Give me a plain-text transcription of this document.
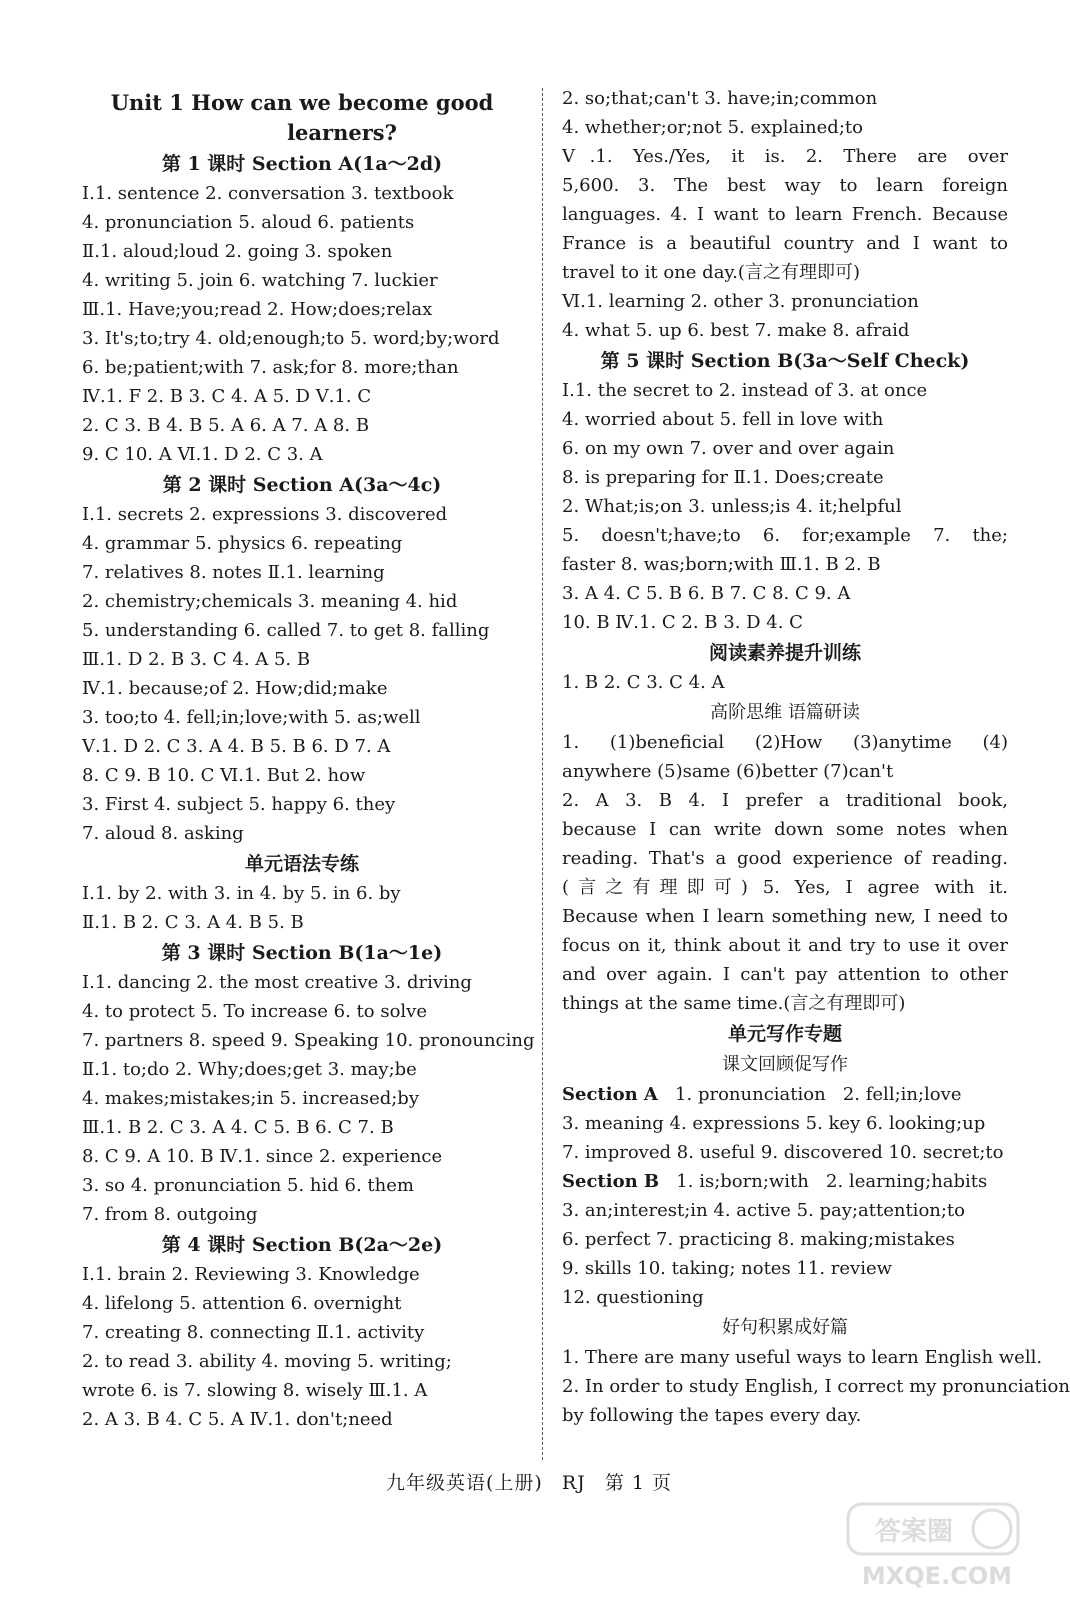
Unit 1 How can we become good
learners?
第 1 课时 Section A(1a～2d)
Ⅰ.1. sentence 2. conversation 3. textbook
4. pronunciation 5. aloud 6. patients
Ⅱ.1. aloud;loud 2. going 3. spoken
4. writing 5. join 6. watching 7. luckier
Ⅲ.1. Have;you;read 2. How;does;relax
3. It's;to;try 4. old;enough;to 5. word;by;word
6. be;patient;with 7. ask;for 8. more;than
Ⅳ.1. F 2. B 3. C 4. A 5. D Ⅴ.1. C
2. C 3. B 4. B 5. A 6. A 7. A 8. B
9. C 10. A Ⅵ.1. D 2. C 3. A
第 2 课时 Section A(3a～4c)
Ⅰ.1. secrets 2. expressions 3. discovered
4. grammar 5. physics 6. repeating
7. relatives 8. notes Ⅱ.1. learning
2. chemistry;chemicals 3. meaning 4. hid
5. understanding 6. called 7. to get 8. falling
Ⅲ.1. D 2. B 3. C 4. A 5. B
Ⅳ.1. because;of 2. How;did;make
3. too;to 4. fell;in;love;with 5. as;well
Ⅴ.1. D 2. C 3. A 4. B 5. B 6. D 7. A
8. C 9. B 10. C Ⅵ.1. But 2. how
3. First 4. subject 5. happy 6. they
7. aloud 8. asking
单元语法专练
Ⅰ.1. by 2. with 3. in 4. by 5. in 6. by
Ⅱ.1. B 2. C 3. A 4. B 5. B
第 3 课时 Section B(1a～1e)
Ⅰ.1. dancing 2. the most creative 3. driving
4. to protect 5. To increase 6. to solve
7. partners 8. speed 9. Speaking 10. pronouncing
Ⅱ.1. to;do 2. Why;does;get 3. may;be
4. makes;mistakes;in 5. increased;by
Ⅲ.1. B 2. C 3. A 4. C 5. B 6. C 7. B
8. C 9. A 10. B Ⅳ.1. since 2. experience
3. so 4. pronunciation 5. hid 6. them
7. from 8. outgoing
第 4 课时 Section B(2a～2e)
Ⅰ.1. brain 2. Reviewing 3. Knowledge
4. lifelong 5. attention 6. overnight
7. creating 8. connecting Ⅱ.1. activity
2. to read 3. ability 4. moving 5. writing;
wrote 6. is 7. slowing 8. wisely Ⅲ.1. A
2. A 3. B 4. C 5. A Ⅳ.1. don't;need
2. so;that;can't 3. have;in;common
4. whether;or;not 5. explained;to
Ⅴ.1. Yes./Yes, it is. 2. There are over
5,600. 3. The best way to learn foreign
languages. 4. I want to learn French. Because
France is a beautiful country and I want to
travel to it one day.(言之有理即可)
Ⅵ.1. learning 2. other 3. pronunciation
4. what 5. up 6. best 7. make 8. afraid
第 5 课时 Section B(3a～Self Check)
Ⅰ.1. the secret to 2. instead of 3. at once
4. worried about 5. fell in love with
6. on my own 7. over and over again
8. is preparing for Ⅱ.1. Does;create
2. What;is;on 3. unless;is 4. it;helpful
5. doesn't;have;to 6. for;example 7. the;
faster 8. was;born;with Ⅲ.1. B 2. B
3. A 4. C 5. B 6. B 7. C 8. C 9. A
10. B Ⅳ.1. C 2. B 3. D 4. C
阅读素养提升训练
1. B 2. C 3. C 4. A
高阶思维 语篇研读
1. (1)beneficial (2)How (3)anytime (4)
anywhere (5)same (6)better (7)can't
2. A 3. B 4. I prefer a traditional book,
because I can write down some notes when
reading. That's a good experience of reading.
(言之有理即可) 5. Yes, I agree with it.
Because when I learn something new, I need to
focus on it, think about it and try to use it over
and over again. I can't pay attention to other
things at the same time.(言之有理即可)
单元写作专题
课文回顾促写作
Section A   1. pronunciation   2. fell;in;love
3. meaning 4. expressions 5. key 6. looking;up
7. improved 8. useful 9. discovered 10. secret;to
Section B   1. is;born;with   2. learning;habits
3. an;interest;in 4. active 5. pay;attention;to
6. perfect 7. practicing 8. making;mistakes
9. skills 10. taking; notes 11. review
12. questioning
好句积累成好篇
1. There are many useful ways to learn English well.
2. In order to study English, I correct my pronunciation
by following the tapes every day.
九年级英语(上册) RJ 第 1 页
答案圈
MXQE.COM
